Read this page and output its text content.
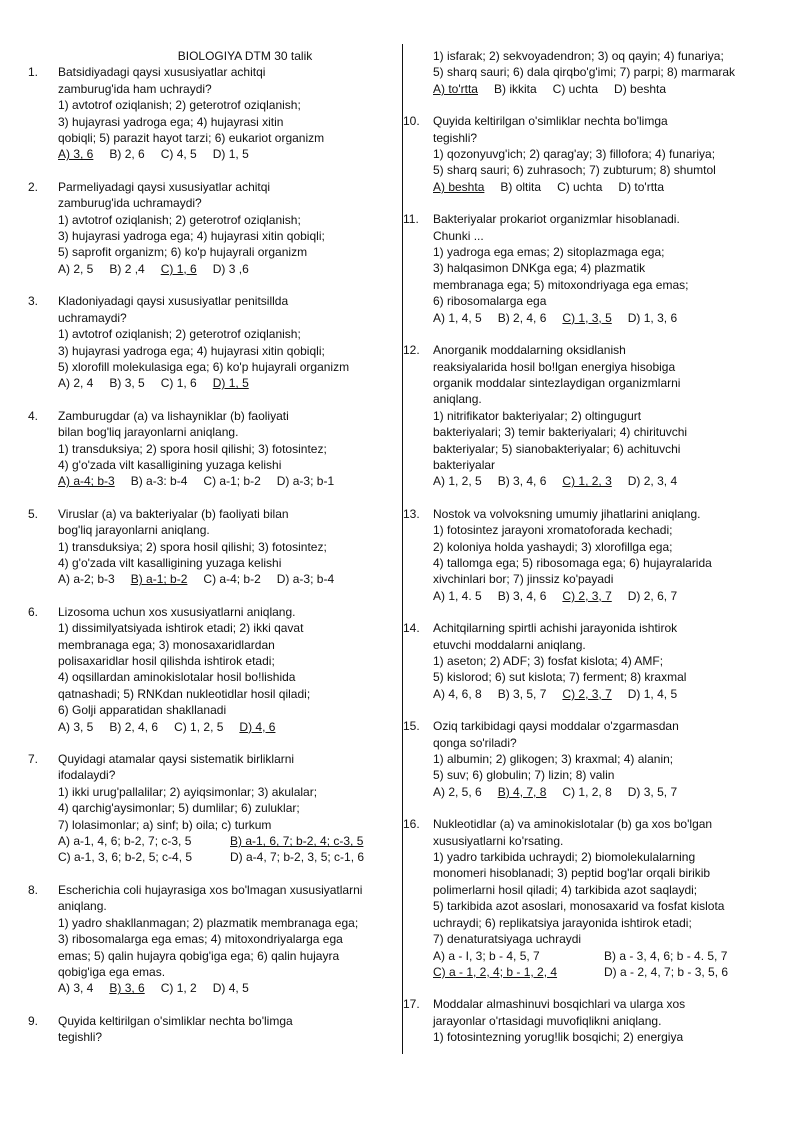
BIOLOGIYA DTM 30 talik
1.	Batsidiyadagi qaysi xususiyatlar achitqi
zamburug'ida ham uchraydi?
1) avtotrof oziqlanish; 2) geterotrof oziqlanish;
3) hujayrasi yadroga ega; 4) hujayrasi xitin
qobiqli; 5) parazit hayot tarzi; 6) eukariot organizm
A) 3, 6 B) 2, 6 C) 4, 5 D) 1, 5
2.	Parmeliyadagi qaysi xususiyatlar achitqi
zamburug'ida uchramaydi?
1) avtotrof oziqlanish; 2) geterotrof oziqlanish;
3) hujayrasi yadroga ega; 4) hujayrasi xitin qobiqli;
5) saprofit organizm; 6) ko'p hujayrali organizm
A) 2, 5 B) 2 ,4 C) 1, 6 D) 3 ,6
3.	Kladoniyadagi qaysi xususiyatlar penitsillda
uchramaydi?
1) avtotrof oziqlanish; 2) geterotrof oziqlanish;
3) hujayrasi yadroga ega; 4) hujayrasi xitin qobiqli;
5) xlorofill molekulasiga ega; 6) ko'p hujayrali organizm
A) 2, 4 B) 3, 5 C) 1, 6 D) 1, 5
4.	Zamburugdar (a) va lishayniklar (b) faoliyati
bilan bog'liq jarayonlarni aniqlang.
1) transduksiya; 2) spora hosil qilishi; 3) fotosintez;
4) g'o'zada vilt kasalligining yuzaga kelishi
A) a-4; b-3 B) a-3: b-4 C) a-1; b-2 D) a-3; b-1
5.	Viruslar (a) va bakteriyalar (b) faoliyati bilan
bog'liq jarayonlarni aniqlang.
1) transduksiya; 2) spora hosil qilishi; 3) fotosintez;
4) g'o'zada vilt kasalligining yuzaga kelishi
A) a-2; b-3 B) a-1; b-2 C) a-4; b-2 D) a-3; b-4
6.	Lizosoma uchun xos xususiyatlarni aniqlang.
1) dissimilyatsiyada ishtirok etadi; 2) ikki qavat
membranaga ega; 3) monosaxaridlardan
polisaxaridlar hosil qilishda ishtirok etadi;
4) oqsillardan aminokislotalar hosil bo!lishida
qatnashadi; 5) RNKdan nukleotidlar hosil qiladi;
6) Golji apparatidan shakllanadi
A) 3, 5 B) 2, 4, 6 C) 1, 2, 5 D) 4, 6
7.	Quyidagi atamalar qaysi sistematik birliklarni
ifodalaydi?
1) ikki urug'pallalilar; 2) ayiqsimonlar; 3) akulalar;
4) qarchig'aysimonlar; 5) dumlilar; 6) zuluklar;
7) lolasimonlar; a) sinf; b) oila; c) turkum
A) a-1, 4, 6; b-2, 7; c-3, 5	B) a-1, 6, 7; b-2, 4; c-3, 5
C) a-1, 3, 6; b-2, 5; c-4, 5	D) a-4, 7; b-2, 3, 5; c-1, 6
8.	Escherichia coli hujayrasiga xos bo'lmagan xususiyatlarni
aniqlang.
1) yadro shakllanmagan; 2) plazmatik membranaga ega;
3) ribosomalarga ega emas; 4) mitoxondriyalarga ega
emas; 5) qalin hujayra qobig'iga ega; 6) qalin hujayra
qobig'iga ega emas.
A) 3, 4 B) 3, 6 C) 1, 2 D) 4, 5
9.	Quyida keltirilgan o'simliklar nechta bo'limga
tegishli?
1) isfarak; 2) sekvoyadendron; 3) oq qayin; 4) funariya;
5) sharq sauri; 6) dala qirqbo'g'imi; 7) parpi; 8) marmarak
A) to'rtta B) ikkita C) uchta D) beshta
10.	Quyida keltirilgan o'simliklar nechta bo'limga
tegishli?
1) qozonyuvg'ich; 2) qarag'ay; 3) fillofora; 4) funariya;
5) sharq sauri; 6) zuhrasoch; 7) zubturum; 8) shumtol
A) beshta B) oltita C) uchta D) to'rtta
11.	Bakteriyalar prokariot organizmlar hisoblanadi.
Chunki ...
1) yadroga ega emas; 2) sitoplazmaga ega;
3) halqasimon DNKga ega; 4) plazmatik
membranaga ega; 5) mitoxondriyaga ega emas;
6) ribosomalarga ega
A) 1, 4, 5 B) 2, 4, 6 C) 1, 3, 5 D) 1, 3, 6
12.	Anorganik moddalarning oksidlanish
reaksiyalarida hosil bo!lgan energiya hisobiga
organik moddalar sintezlaydigan organizmlarni
aniqlang.
1) nitrifikator bakteriyalar; 2) oltingugurt
bakteriyalari; 3) temir bakteriyalari; 4) chirituvchi
bakteriyalar; 5) sianobakteriyalar; 6) achituvchi
bakteriyalar
A) 1, 2, 5 B) 3, 4, 6 C) 1, 2, 3 D) 2, 3, 4
13.	Nostok va volvoksning umumiy jihatlarini aniqlang.
1) fotosintez jarayoni xromatoforada kechadi;
2) koloniya holda yashaydi; 3) xlorofillga ega;
4) tallomga ega; 5) ribosomaga ega; 6) hujayralarida
xivchinlari bor; 7) jinssiz ko'payadi
A) 1, 4. 5 B) 3, 4, 6 C) 2, 3, 7 D) 2, 6, 7
14.	Achitqilarning spirtli achishi jarayonida ishtirok
etuvchi moddalarni aniqlang.
1) aseton; 2) ADF; 3) fosfat kislota; 4) AMF;
5) kislorod; 6) sut kislota; 7) ferment; 8) kraxmal
A) 4, 6, 8 B) 3, 5, 7 C) 2, 3, 7 D) 1, 4, 5
15.	Oziq tarkibidagi qaysi moddalar o'zgarmasdan
qonga so'riladi?
1) albumin; 2) glikogen; 3) kraxmal; 4) alanin;
5) suv; 6) globulin; 7) lizin; 8) valin
A) 2, 5, 6 B) 4, 7, 8 C) 1, 2, 8 D) 3, 5, 7
16.	Nukleotidlar (a) va aminokislotalar (b) ga xos bo'lgan
xususiyatlarni ko'rsating.
1) yadro tarkibida uchraydi; 2) biomolekulalarning
monomeri hisoblanadi; 3) peptid bog'lar orqali birikib
polimerlarni hosil qiladi; 4) tarkibida azot saqlaydi;
5) tarkibida azot asoslari, monosaxarid va fosfat kislota
uchraydi; 6) replikatsiya jarayonida ishtirok etadi;
7) denaturatsiyaga uchraydi
A) a - I, 3; b - 4, 5, 7	B) a - 3, 4, 6; b - 4. 5, 7
C) a - 1, 2, 4; b - 1, 2, 4	D) a - 2, 4, 7; b - 3, 5, 6
17.	Moddalar almashinuvi bosqichlari va ularga xos
jarayonlar o'rtasidagi muvofiqlikni aniqlang.
1) fotosintezning yorug!lik bosqichi; 2) energiya
